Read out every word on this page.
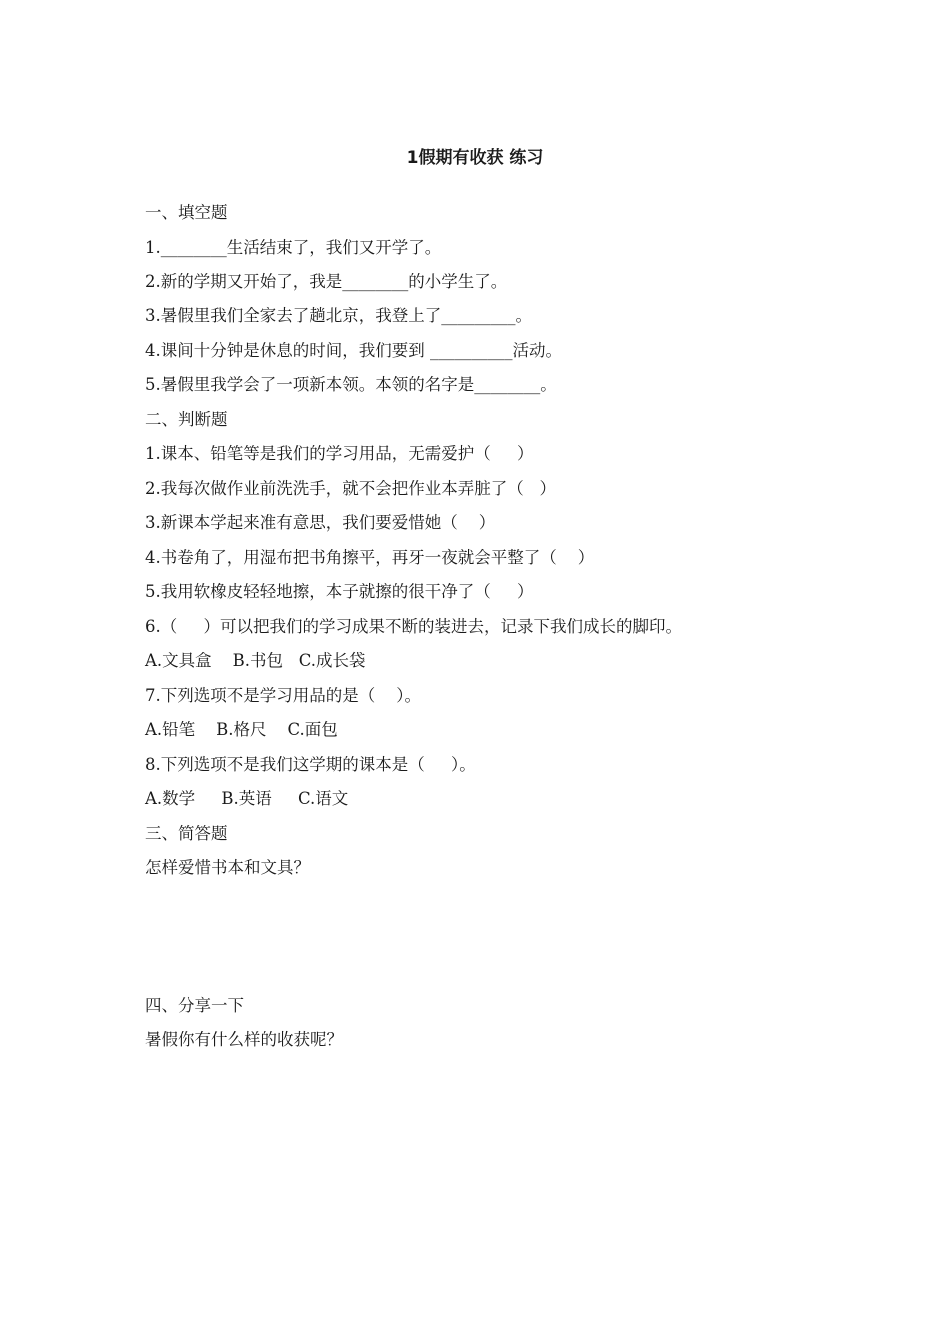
1假期有收获 练习
一、填空题
1.________生活结束了，我们又开学了。
2.新的学期又开始了，我是________的小学生了。
3.暑假里我们全家去了趟北京，我登上了_________。
4.课间十分钟是休息的时间，我们要到 __________活动。
5.暑假里我学会了一项新本领。本领的名字是________。
二、判断题
1.课本、铅笔等是我们的学习用品，无需爱护（     ）
2.我每次做作业前洗洗手，就不会把作业本弄脏了（   ）
3.新课本学起来准有意思，我们要爱惜她（    ）
4.书卷角了，用湿布把书角擦平，再牙一夜就会平整了（    ）
5.我用软橡皮轻轻地擦，本子就擦的很干净了（     ）
6.（     ）可以把我们的学习成果不断的装进去，记录下我们成长的脚印。
A.文具盒    B.书包   C.成长袋
7.下列选项不是学习用品的是（    ）。
A.铅笔    B.格尺    C.面包
8.下列选项不是我们这学期的课本是（     ）。
A.数学     B.英语     C.语文
三、简答题
怎样爱惜书本和文具？
四、分享一下
暑假你有什么样的收获呢？
